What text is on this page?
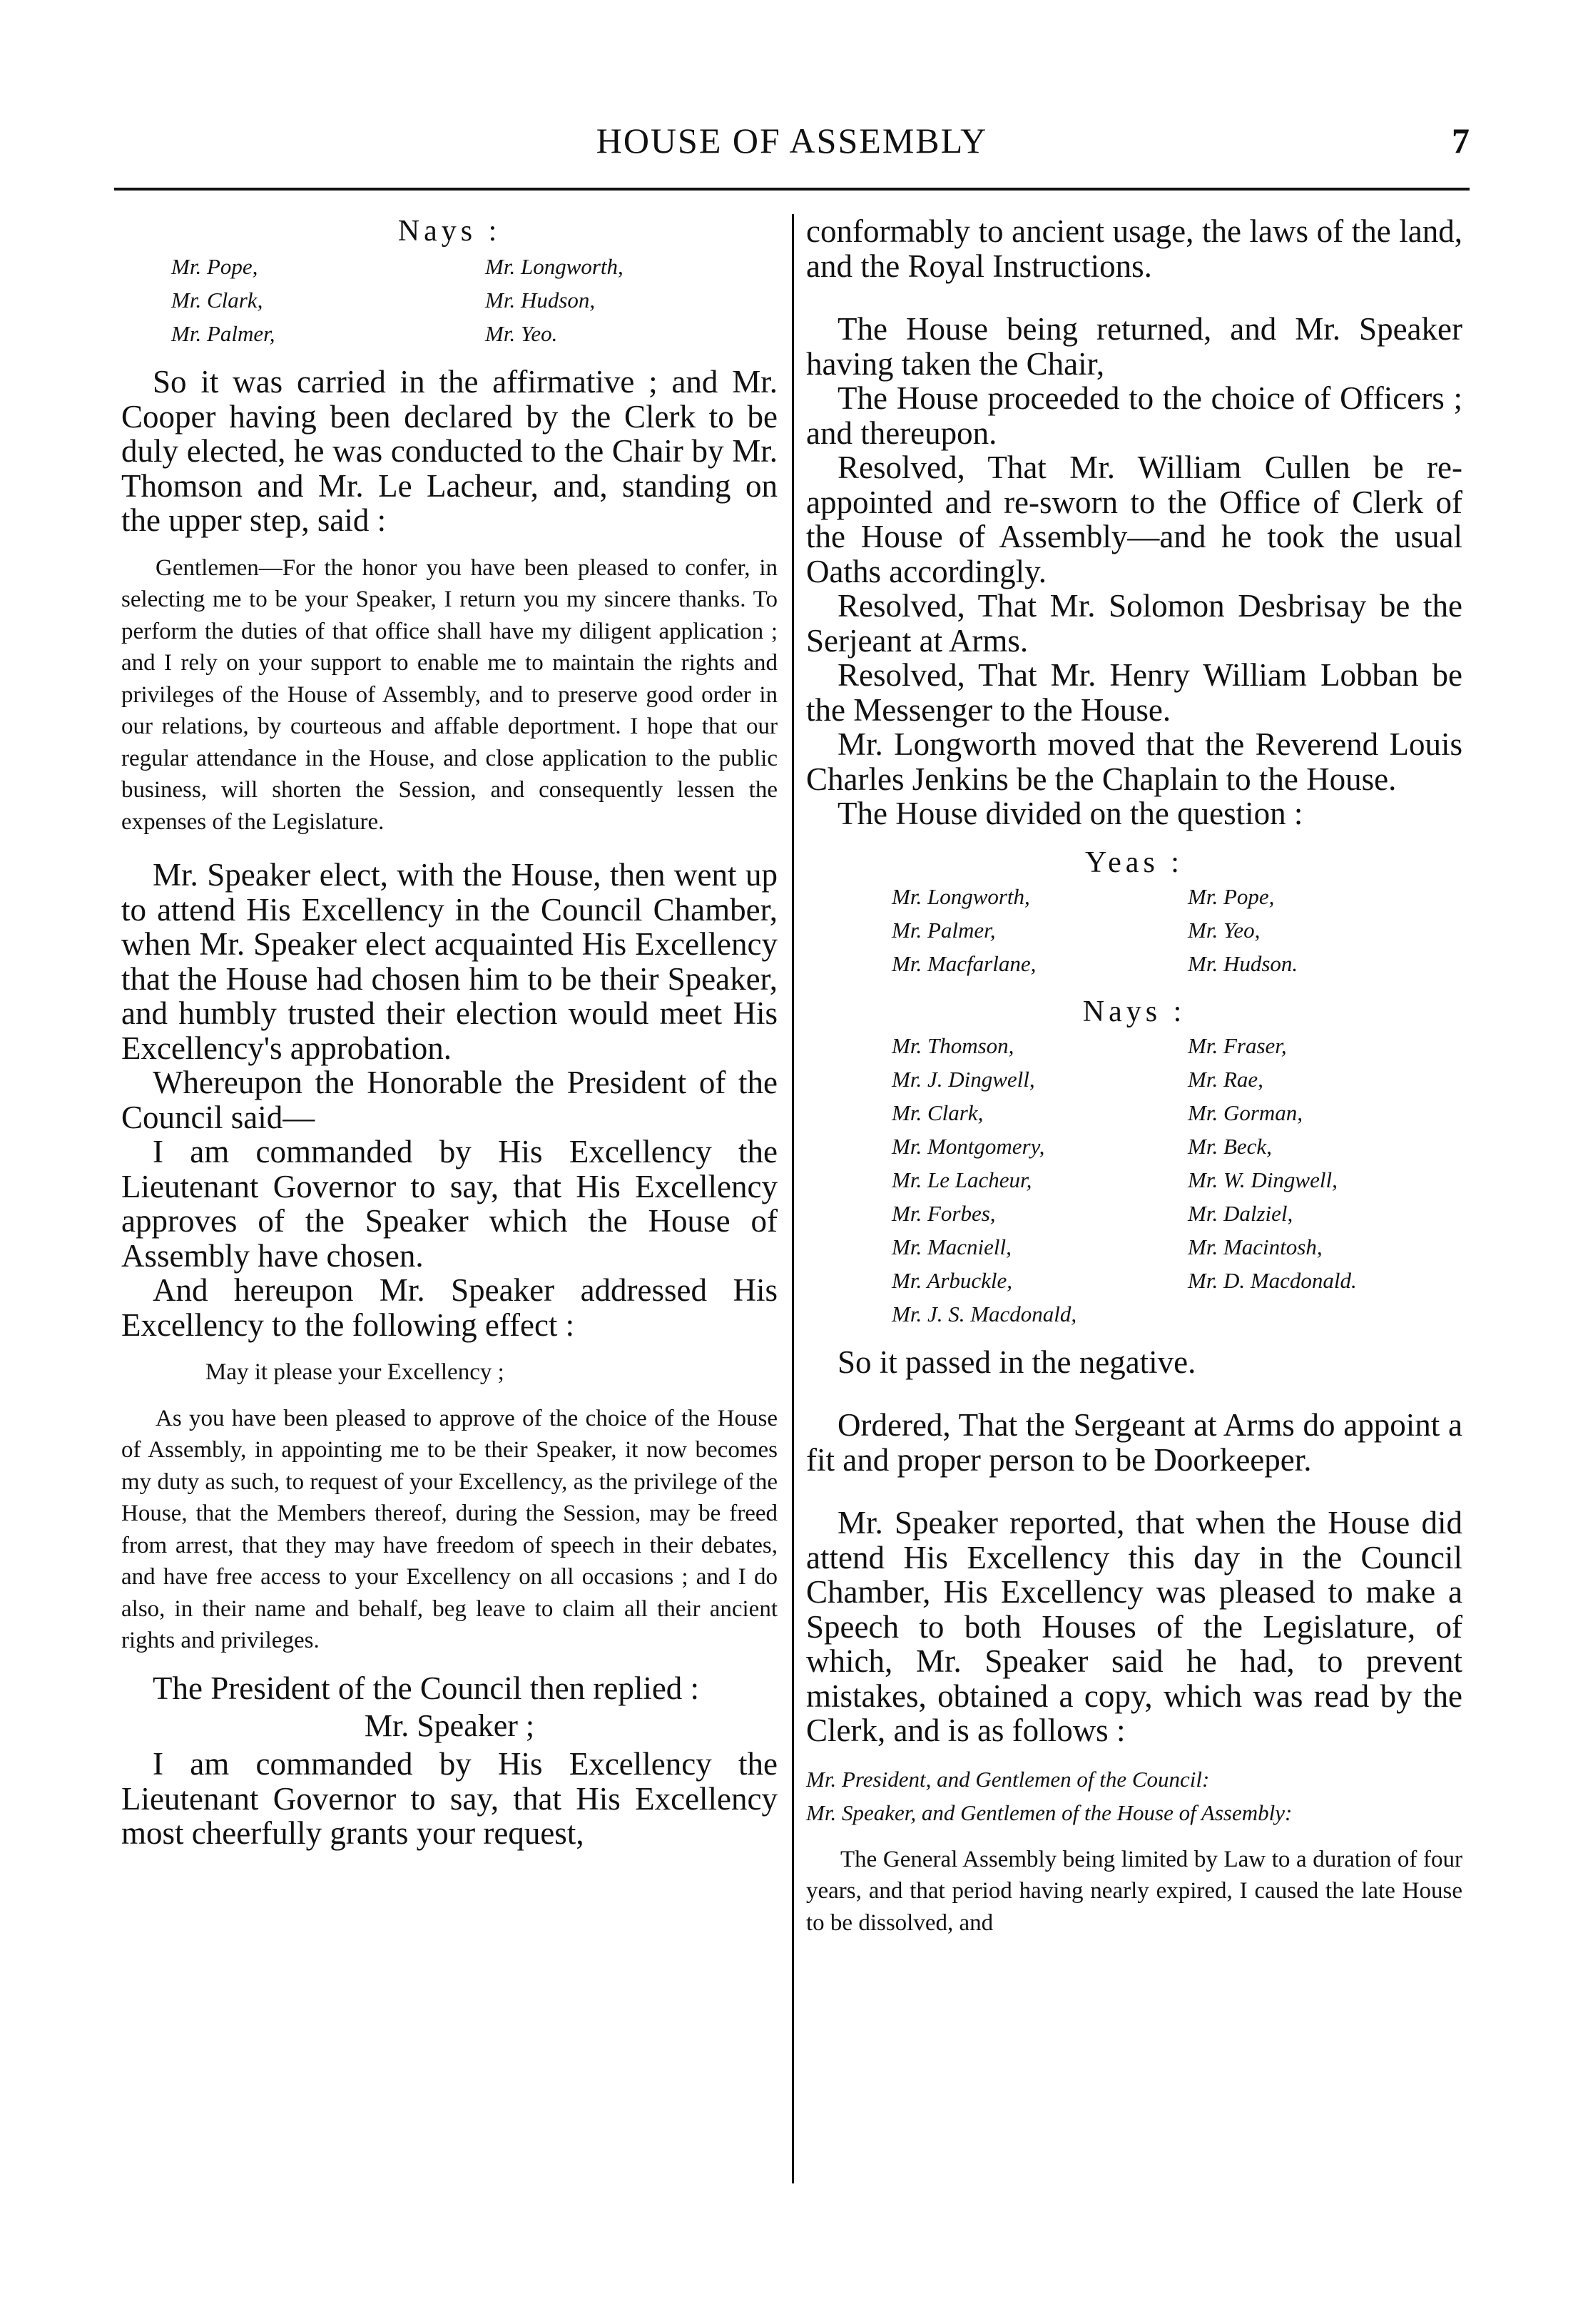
HOUSE OF ASSEMBLY	7
Nays :
Mr. Pope,	Mr. Longworth,
Mr. Clark,	Mr. Hudson,
Mr. Palmer,	Mr. Yeo.

So it was carried in the affirmative ; and Mr. Cooper having been declared by the Clerk to be duly elected, he was conducted to the Chair by Mr. Thomson and Mr. Le Lacheur, and, standing on the upper step, said :

Gentlemen—For the honor you have been pleased to confer, in selecting me to be your Speaker, I return you my sincere thanks. To perform the duties of that office shall have my diligent application ; and I rely on your support to enable me to maintain the rights and privileges of the House of Assembly, and to preserve good order in our relations, by courteous and affable deportment. I hope that our regular attendance in the House, and close application to the public business, will shorten the Session, and consequently lessen the expenses of the Legislature.

Mr. Speaker elect, with the House, then went up to attend His Excellency in the Council Chamber, when Mr. Speaker elect acquainted His Excellency that the House had chosen him to be their Speaker, and humbly trusted their election would meet His Excellency's approbation.

Whereupon the Honorable the President of the Council said—

I am commanded by His Excellency the Lieutenant Governor to say, that His Excellency approves of the Speaker which the House of Assembly have chosen.

And hereupon Mr. Speaker addressed His Excellency to the following effect :

May it please your Excellency ;

As you have been pleased to approve of the choice of the House of Assembly, in appointing me to be their Speaker, it now becomes my duty as such, to request of your Excellency, as the privilege of the House, that the Members thereof, during the Session, may be freed from arrest, that they may have freedom of speech in their debates, and have free access to your Excellency on all occasions ; and I do also, in their name and behalf, beg leave to claim all their ancient rights and privileges.

The President of the Council then replied :

Mr. Speaker ;

I am commanded by His Excellency the Lieutenant Governor to say, that His Excellency most cheerfully grants your request,

conformably to ancient usage, the laws of the land, and the Royal Instructions.

The House being returned, and Mr. Speaker having taken the Chair,

The House proceeded to the choice of Officers ; and thereupon.

Resolved, That Mr. William Cullen be re-appointed and re-sworn to the Office of Clerk of the House of Assembly—and he took the usual Oaths accordingly.

Resolved, That Mr. Solomon Desbrisay be the Serjeant at Arms.

Resolved, That Mr. Henry William Lobban be the Messenger to the House.

Mr. Longworth moved that the Reverend Louis Charles Jenkins be the Chaplain to the House.

The House divided on the question :

Yeas :
Mr. Longworth,	Mr. Pope,
Mr. Palmer,	Mr. Yeo,
Mr. Macfarlane,	Mr. Hudson.
Nays :
Mr. Thomson,	Mr. Fraser,
Mr. J. Dingwell,	Mr. Rae,
Mr. Clark,	Mr. Gorman,
Mr. Montgomery,	Mr. Beck,
Mr. Le Lacheur,	Mr. W. Dingwell,
Mr. Forbes,	Mr. Dalziel,
Mr. Macniell,	Mr. Macintosh,
Mr. Arbuckle,	Mr. D. Macdonald.
Mr. J. S. Macdonald,

So it passed in the negative.

Ordered, That the Sergeant at Arms do appoint a fit and proper person to be Doorkeeper.

Mr. Speaker reported, that when the House did attend His Excellency this day in the Council Chamber, His Excellency was pleased to make a Speech to both Houses of the Legislature, of which, Mr. Speaker said he had, to prevent mistakes, obtained a copy, which was read by the Clerk, and is as follows :

Mr. President, and Gentlemen of the Council:

Mr. Speaker, and Gentlemen of the House of Assembly:

The General Assembly being limited by Law to a duration of four years, and that period having nearly expired, I caused the late House to be dissolved, and
